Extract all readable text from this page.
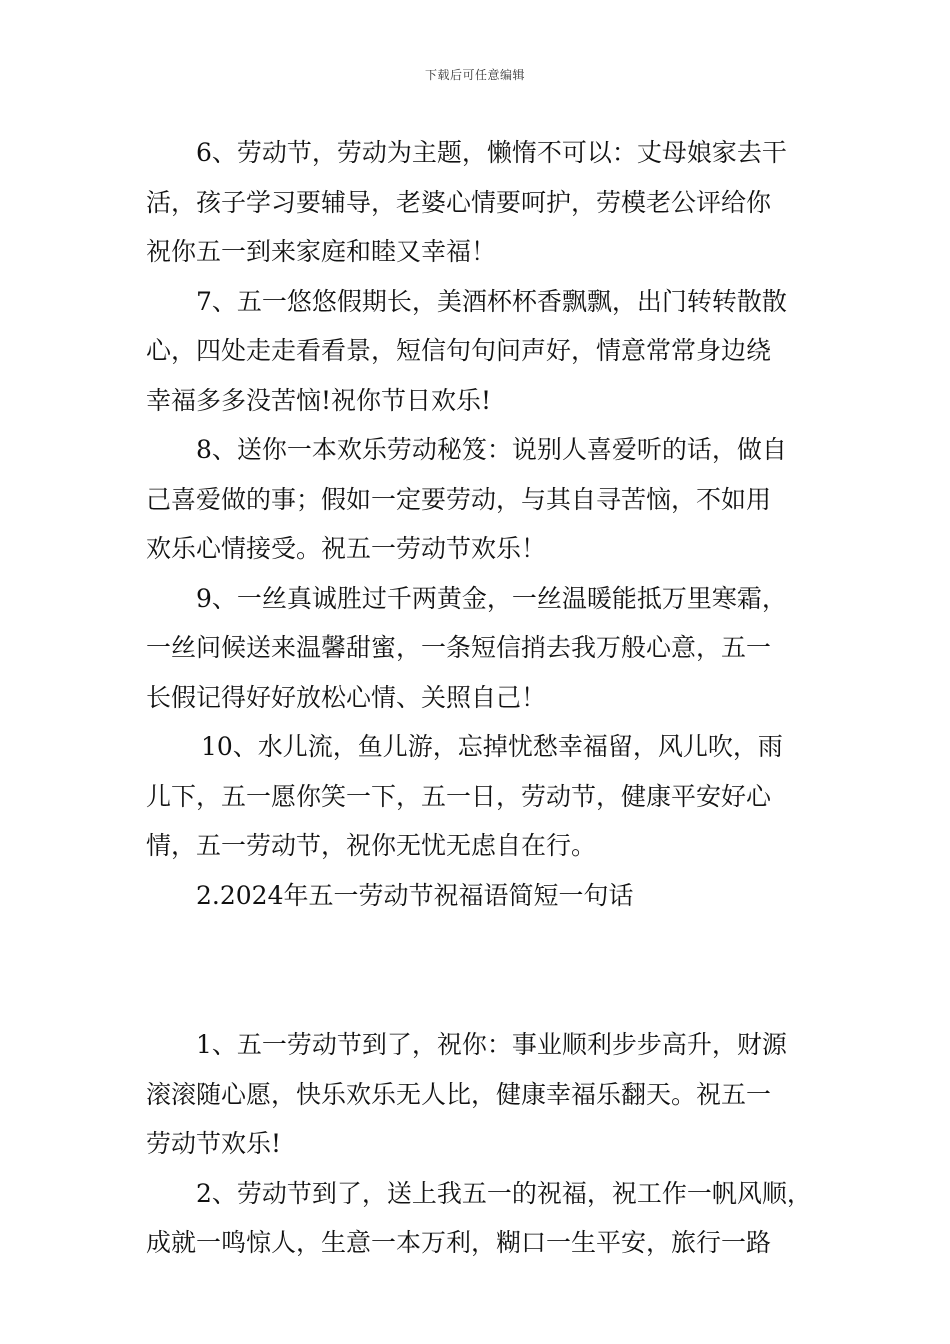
下载后可任意编辑
6、劳动节，劳动为主题，懒惰不可以：丈母娘家去干
活，孩子学习要辅导，老婆心情要呵护，劳模老公评给你
祝你五一到来家庭和睦又幸福！
7、五一悠悠假期长，美酒杯杯香飘飘，出门转转散散
心，四处走走看看景，短信句句问声好，情意常常身边绕
幸福多多没苦恼!祝你节日欢乐!
8、送你一本欢乐劳动秘笈：说别人喜爱听的话，做自
己喜爱做的事；假如一定要劳动，与其自寻苦恼，不如用
欢乐心情接受。祝五一劳动节欢乐！
9、一丝真诚胜过千两黄金，一丝温暖能抵万里寒霜，
一丝问候送来温馨甜蜜，一条短信捎去我万般心意，五一
长假记得好好放松心情、关照自己！
10、水儿流，鱼儿游，忘掉忧愁幸福留，风儿吹，雨
儿下，五一愿你笑一下，五一日，劳动节，健康平安好心
情，五一劳动节，祝你无忧无虑自在行。
2.2024年五一劳动节祝福语简短一句话
1、五一劳动节到了，祝你：事业顺利步步高升，财源
滚滚随心愿，快乐欢乐无人比，健康幸福乐翻天。祝五一
劳动节欢乐!
2、劳动节到了，送上我五一的祝福，祝工作一帆风顺，
成就一鸣惊人，生意一本万利，糊口一生平安，旅行一路
